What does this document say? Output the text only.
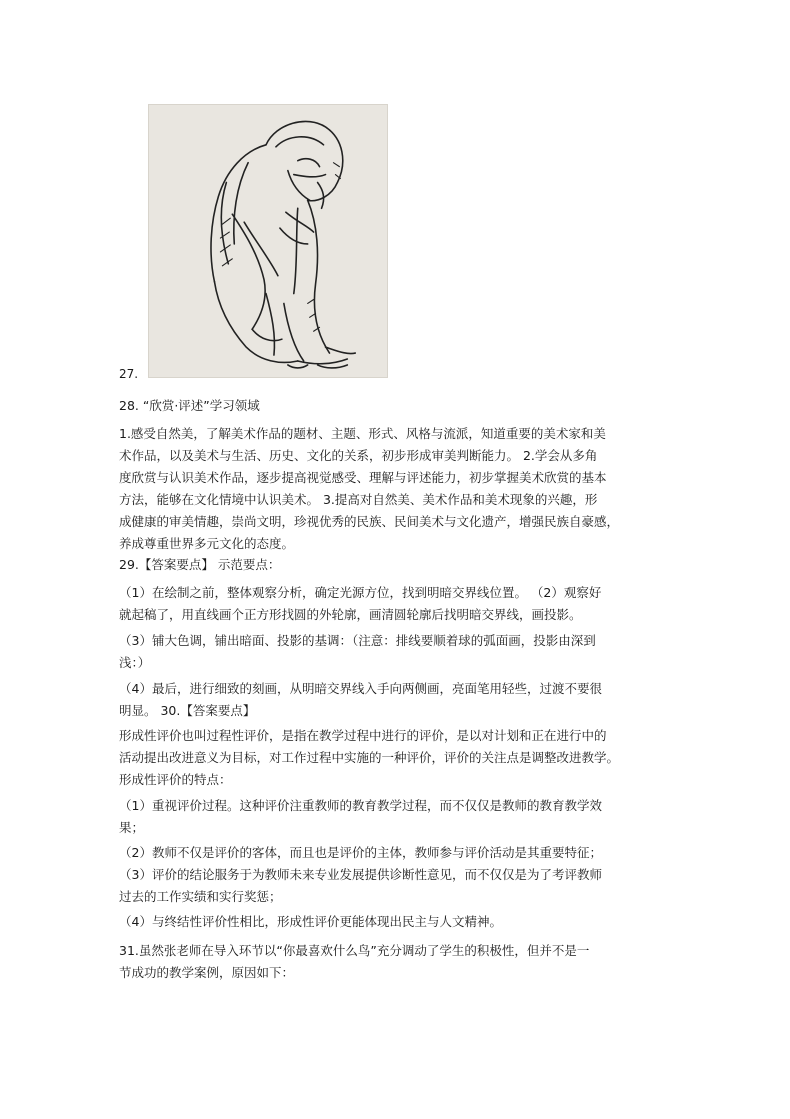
27.
28. “欣赏·评述”学习领域
1.感受自然美，了解美术作品的题材、主题、形式、风格与流派，知道重要的美术家和美
术作品，以及美术与生活、历史、文化的关系，初步形成审美判断能力。 2.学会从多角
度欣赏与认识美术作品，逐步提高视觉感受、理解与评述能力，初步掌握美术欣赏的基本
方法，能够在文化情境中认识美术。 3.提高对自然美、美术作品和美术现象的兴趣，形
成健康的审美情趣，崇尚文明，珍视优秀的民族、民间美术与文化遗产，增强民族自豪感，
养成尊重世界多元文化的态度。
29.【答案要点】 示范要点：
（1）在绘制之前，整体观察分析，确定光源方位，找到明暗交界线位置。 （2）观察好
就起稿了，用直线画个正方形找圆的外轮廓，画清圆轮廓后找明暗交界线，画投影。
（3）铺大色调，铺出暗面、投影的基调：（注意：排线要顺着球的弧面画，投影由深到
浅：）
（4）最后，进行细致的刻画，从明暗交界线入手向两侧画，亮面笔用轻些，过渡不要很
明显。 30.【答案要点】
形成性评价也叫过程性评价，是指在教学过程中进行的评价，是以对计划和正在进行中的
活动提出改进意义为目标，对工作过程中实施的一种评价，评价的关注点是调整改进教学。
形成性评价的特点：
（1）重视评价过程。这种评价注重教师的教育教学过程，而不仅仅是教师的教育教学效
果；
（2）教师不仅是评价的客体，而且也是评价的主体，教师参与评价活动是其重要特征；
（3）评价的结论服务于为教师未来专业发展提供诊断性意见，而不仅仅是为了考评教师
过去的工作实绩和实行奖惩；
（4）与终结性评价性相比，形成性评价更能体现出民主与人文精神。
31.虽然张老师在导入环节以“你最喜欢什么鸟”充分调动了学生的积极性，但并不是一
节成功的教学案例，原因如下：
